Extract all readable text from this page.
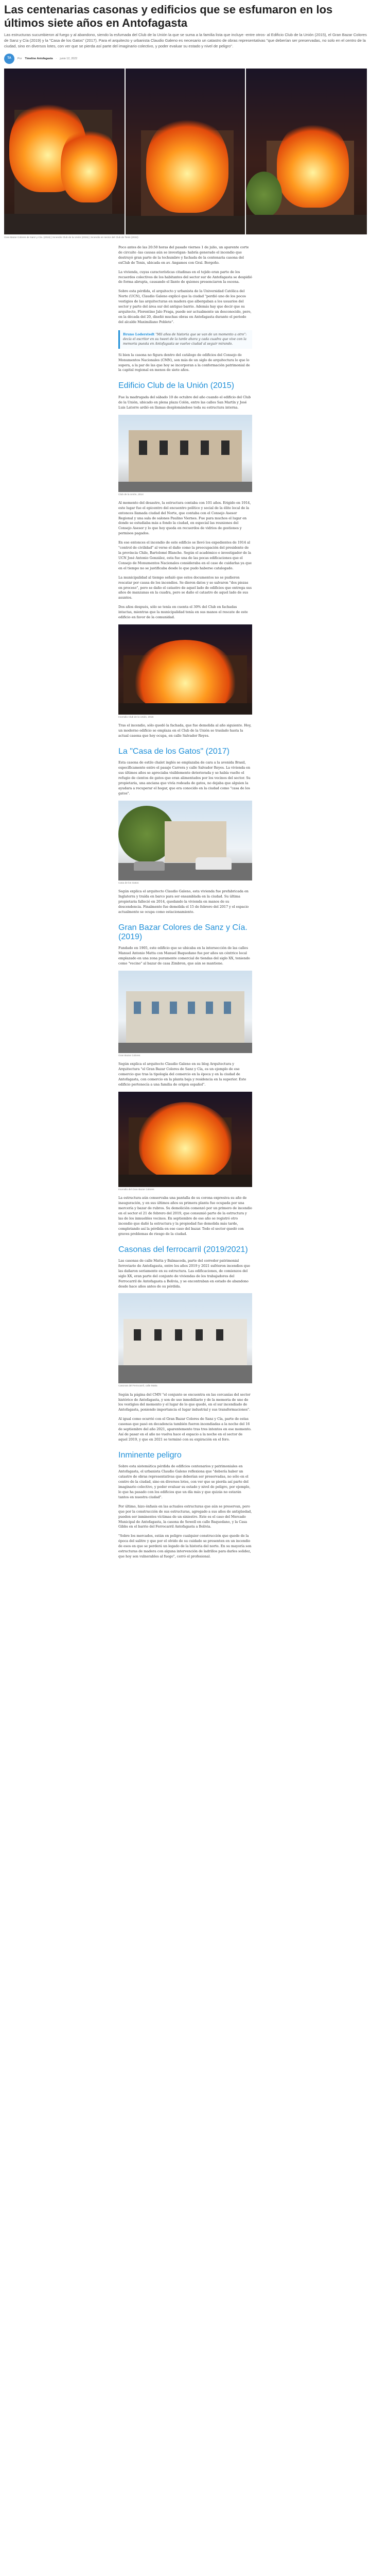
Las centenarias casonas y edificios que se esfumaron en los últimos siete años en Antofagasta

Las estructuras sucumbieron al fuego y al abandono, siendo la esfumada del Club de la Unión la que se suma a la familia lista que incluye -entre otros- al Edificio Club de la Unión (2015), el Gran Bazar Colores de Sanz y Cía (2019) y la "Casa de los Gatos" (2017). Para el arquitecto y urbanista Claudio Galeno es necesario un catastro de obras representativas "que deberían ser preservadas, no solo en el centro de la ciudad, sino en diversos lotes, con ver que se pierda así parte del imaginario colectivo, y poder evaluar su estado y nivel de peligro".

TA	Por Timeline Antofagasta · junio 12, 2022
Gran Bazar Colores de Sanz y Cía. (2019) | Incendio Club de la Unión (2015) | Incendio en sector del Club de Tenis (2022)

Poco antes de las 20:50 horas del pasado viernes 1 de julio, un aparente corte de circuito -las causas aún se investigan- habría generado el incendio que destruyó gran parte de la techumbre y fachada de la centenaria casona del exClub de Tenis, ubicada en av. Angamos con Gral. Borgoño.

La vivienda, cuyas características citadinas en el tejido eran parte de los recuerdos colectivos de los habitantes del sector sur de Antofagasta se despidió de forma abrupta, causando el llanto de quienes presenciaron la escena.

Sobre esta pérdida, el arquitecto y urbanista de la Universidad Católica del Norte (UCN), Claudio Galeno explicó que la ciudad "perdió uno de los pocos vestigios de las arquitecturas en madera que albergaban a los usuarios del sector y parte del área sur del antiguo barrio. Además hay que decir que su arquitecto, Florentino Jalo Fraga, puede ser actualmente un desconocido, pero, en la década del 20, diseñó muchas obras en Antofagasta durante el periodo del alcalde Maximiliano Poblete".

Bruno Loderstedt "Mil años de historia que se van de un momento a otro": decía el escritor en su tweet de la tarde ahora y cada cuadra que vive con la memoria puesta en Antofagasta se vuelve ciudad al seguir mirando.

Si bien la casona no figura dentro del catálogo de edificios del Consejo de Monumentos Nacionales (CMN), son más de un siglo de arquitectura lo que lo supera, a la par de las que hoy se incorporan a la conformación patrimonial de la capital regional en menos de siete años.

Edificio Club de la Unión (2015)

Fue la madrugada del sábado 10 de octubre del año cuando el edificio del Club de la Unión, ubicado en plena plaza Colón, entre las calles San Martín y José Luis Latorre ardió en llamas desplomándose toda su estructura interna.

Club de la Unión, 2014

Al momento del desastre, la estructura contaba con 101 años. Erigido en 1914, este lugar fue el epicentro del encuentro político y social de la élite local de la entonces llamada ciudad del Norte, que contaba con el Consejo Asesor Regional y una sala de salones Paulino Viernes. Fue para muchos el lugar en donde se estudiaba más a fondo la ciudad, en especial las reuniones del Consejo Asesor y lo que hoy queda en recuerdos de vidrios de gestiones y permisos pagados.

En ese entonces el incendio de este edificio se llevó los expedientes de 1914 al "control de civilidad" al verse el daño como la preocupación del presidente de la provincia Chile, Bartolomé Blanche. Según el académico e investigador de la UCN José Antonio González, esta fue una de las pocas edificaciones que el Consejo de Monumentos Nacionales consideraba en el caso de cuidarlas ya que en el tiempo no se justificaba desde lo que pudo haberse catalogado.

La municipalidad al tiempo señaló que estos documentos no se pudieron rescatar por causa de los incendios. Se dieron datos y se salvaron "dos piezas en proceso", pero se daño el catastro de aquel lado de edificios que entrega sus años de manzanas en la cuadra, pero se daño el catastro de aquel lado de sus asuntos.

Dos años después, sólo se tenía en cuenta el 30% del Club en fachadas intactas, mientras que la municipalidad tenía en sus manos el rescate de este edificio en favor de la comunidad.

Incendio Club de la Unión, 2015

Tras el incendio, sólo quedó la fachada, que fue demolida al año siguiente. Hoy, un moderno edificio se emplaza en el Club de la Unión se traslado hasta la actual casona que hoy ocupa, en calle Salvador Reyes.

La "Casa de los Gatos" (2017)

Esta casona de estilo chalet inglés se emplazaba de cara a la avenida Brasil, específicamente entre el pasaje Carrera y calle Salvador Reyes. La vivienda en sus últimos años se apreciaba visiblemente deteriorada y se había vuelto el refugio de cientos de gatos que eran alimentados por los vecinos del sector. Su propietaria, una anciana que vivía rodeada de gatos, no dejaba que alguien la ayudara a recuperar el hogar, que era conocido en la ciudad como "casa de los gatos".

Casa de los Gatos

Según explica el arquitecto Claudio Galeno, esta vivienda fue prefabricada en Inglaterra y traída en barco para ser ensamblada en la ciudad. Su última propietaria falleció en 2014, quedando la vivienda en manos de su descendencia. Finalmente fue demolida el 15 de febrero del 2017 y el espacio actualmente se ocupa como estacionamiento.

Gran Bazar Colores de Sanz y Cía. (2019)

Fundado en 1905, este edificio que se ubicaba en la intersección de las calles Manuel Antonio Matta con Manuel Baquedano fue por años un céntrico local emplazado en una zona puramente comercial de tiendas del siglo XX, teniendo como "vecino" al bazar de casa Zimbron, que aún se mantiene.

Gran Bazar Colores

Según explica el arquitecto Claudio Galeno en su blog Arquitectura y Arquitectura "el Gran Bazar Colores de Sanz y Cía, es un ejemplo de ese comercio que tras la tipología del comercio en la época y en la ciudad de Antofagasta, con comercio en la planta baja y residencia en la superior. Este edificio pertenecía a una familia de origen español".

Incendio del Gran Bazar Colores

La estructura aún conservaba una pantalla de su corona expresiva su año de inauguración, y en sus últimos años su primera planta fue ocupada por una mercería y bazar de rubros. Su demolición comenzó por un primero de incendio en el sector el 21 de febrero del 2019, que consumió parte de la estructura y las de los inmuebles vecinos. En septiembre de ese año se registró otro incendio que dañó la estructura y la propiedad fue demolida más tarde, completando así la pérdida en ese caso del bazar. Todo el sector quedó con graves problemas de riesgo de la ciudad.

Casonas del ferrocarril (2019/2021)

Las casonas de calle Matta y Balmaceda, parte del corredor patrimonial ferroviario de Antofagasta, entre los años 2019 y 2021 sufrieron incendios que las dañaron seriamente en su estructura. Las edificaciones, de comienzos del siglo XX, eran parte del conjunto de viviendas de los trabajadores del Ferrocarril de Antofagasta a Bolivia, y se encontraban en estado de abandono desde hace años antes de su pérdida.

Casonas del Ferrocarril, calle Matta

Según la página del CMN "el conjunto se encuentra en las cercanías del sector histórico de Antofagasta, y son de uso inmobiliario y de la memoria de uno de los vestigios del momento y el lugar de lo que quedó, en el sur incendiado de Antofagasta, poniendo importancia el lugar industrial y sus transformaciones".

Al igual como ocurrió con el Gran Bazar Colores de Sanz y Cía, parte de estas casonas que pasó en decadencia también fueron incendiadas a la noche del 16 de septiembre del año 2021, aparentemente tras tres intentos en ese momento. Así de pasar en el año no vuelva hace el espacio a la noche en el sector de aquel 2019, y que en 2021 se terminó con su expiración en el foro.

Inminente peligro

Sobre esta sistemática pérdida de edificios centenarios y patrimoniales en Antofagasta, el urbanista Claudio Galeno reflexiona que "debería haber un catastro de obras representativas que deberían ser preservadas, no sólo en el centro de la ciudad, sino en diversos lotes, con ver que se pierda así parte del imaginario colectivo, y poder evaluar su estado y nivel de peligro, por ejemplo, lo que ha pasado con los edificios que un día más y que quizás no estarán tantos en nuestra ciudad".

Por último, hizo énfasis en las actuales estructuras que aún se preservan, pero que por la construcción de sus estructuras, agregado a sus años de antigüedad, pueden ser inminentes víctimas de un siniestro. Este es el caso del Mercado Municipal de Antofagasta, la casona de Sewell en calle Baquedano, y la Casa Gibbs en el barrio del Ferrocarril Antofagasta a Bolivia.

"Sobre los mercados, están en peligro cualquier construcción que quede de la época del salitre y que por el olvido de su cuidado se presenten en un incendio de esos en que se perderá un legado de la historia del norte. En su mayoría son estructuras de madera con alguna intervención de ladrillos para darles solidez, que hoy son vulnerables al fuego", cerró el profesional.
